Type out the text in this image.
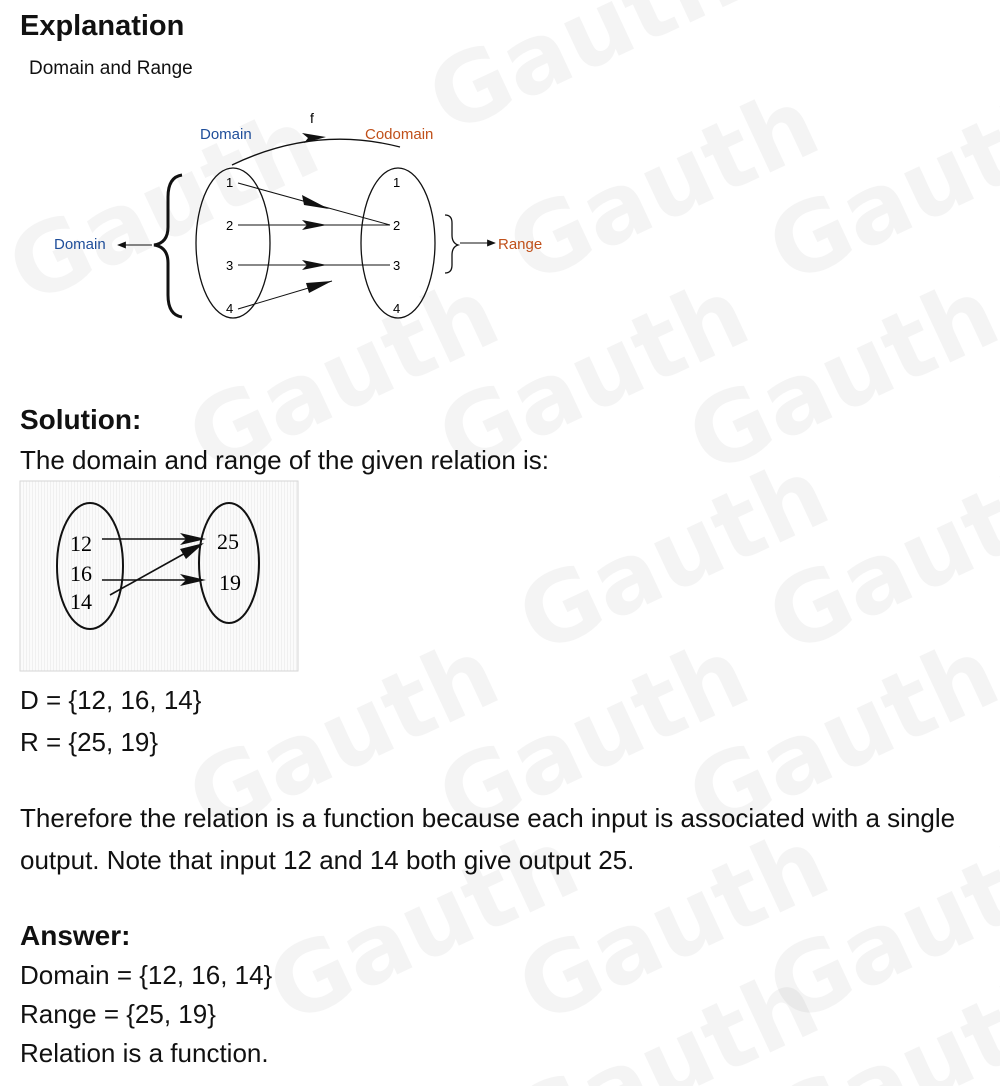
Explanation
Domain and Range
Domain
f
Codomain
Domain	Range
1
2
3
4
1
2
3
4
Solution:
The domain and range of the given relation is:
12
16
14
25
19
D = {12, 16, 14}
R = {25, 19}
Therefore the relation is a function because each input is associated with a single output. Note that input 12 and 14 both give output 25.
Answer:
Domain = {12, 16, 14}
Range = {25, 19}
Relation is a function.
